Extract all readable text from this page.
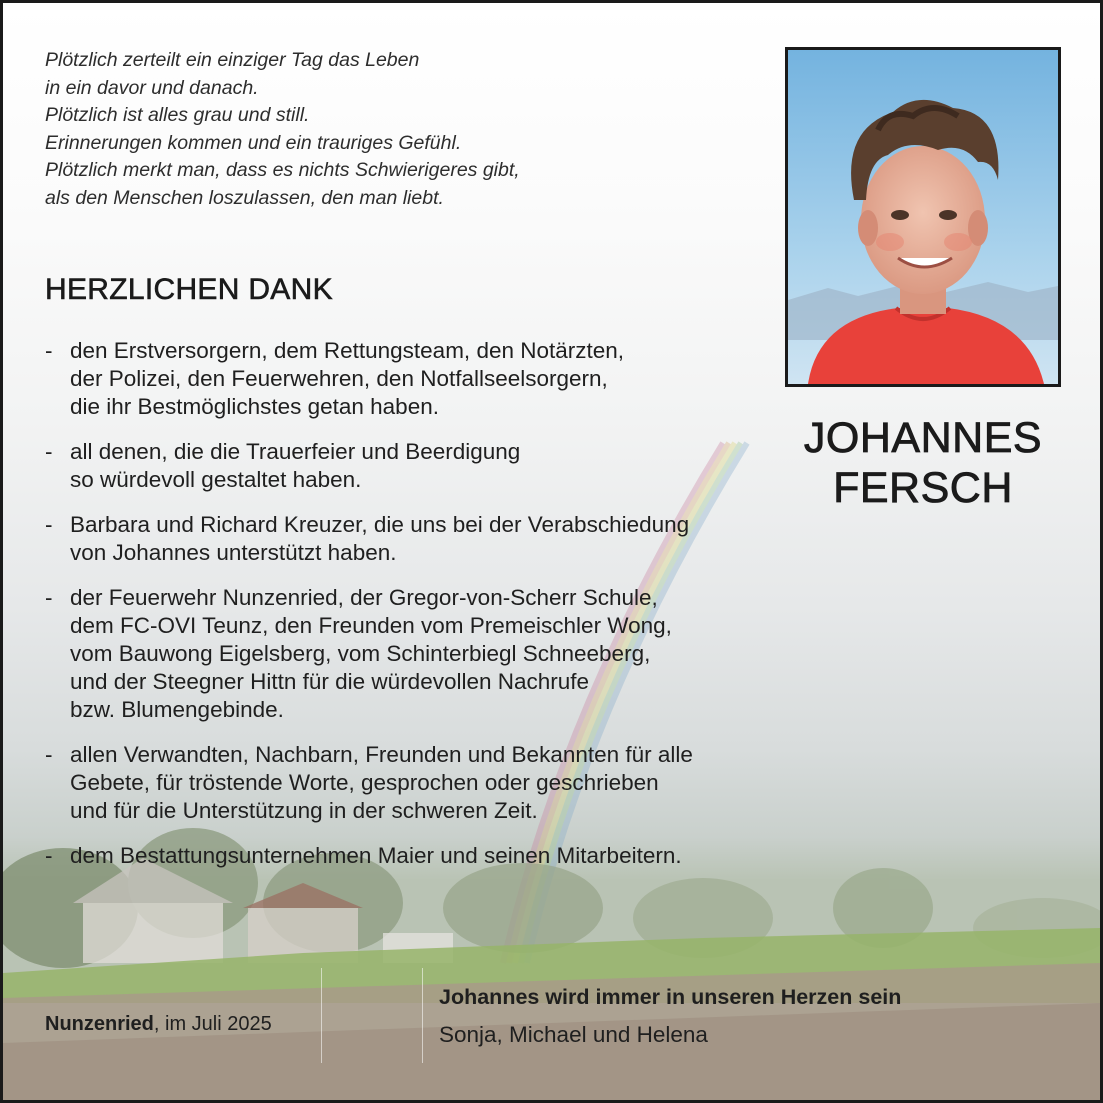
Plötzlich zerteilt ein einziger Tag das Leben
in ein davor und danach.
Plötzlich ist alles grau und still.
Erinnerungen kommen und ein trauriges Gefühl.
Plötzlich merkt man, dass es nichts Schwierigeres gibt,
als den Menschen loszulassen, den man liebt.
HERZLICHEN DANK
- den Erstversorgern, dem Rettungsteam, den Notärzten,
der Polizei, den Feuerwehren, den Notfallseelsorgern,
die ihr Bestmöglichstes getan haben.
- all denen, die die Trauerfeier und Beerdigung
so würdevoll gestaltet haben.
- Barbara und Richard Kreuzer, die uns bei der Verabschiedung
von Johannes unterstützt haben.
- der Feuerwehr Nunzenried, der Gregor-von-Scherr Schule,
dem FC-OVI Teunz, den Freunden vom Premeischler Wong,
vom Bauwong Eigelsberg, vom Schinterbiegl Schneeberg,
und der Steegner Hittn für die würdevollen Nachrufe
bzw. Blumengebinde.
- allen Verwandten, Nachbarn, Freunden und Bekannten für alle
Gebete, für tröstende Worte, gesprochen oder geschrieben
und für die Unterstützung in der schweren Zeit.
- dem Bestattungsunternehmen Maier und seinen Mitarbeitern.
JOHANNES
FERSCH
Nunzenried, im Juli 2025
Johannes wird immer in unseren Herzen sein
Sonja, Michael und Helena
